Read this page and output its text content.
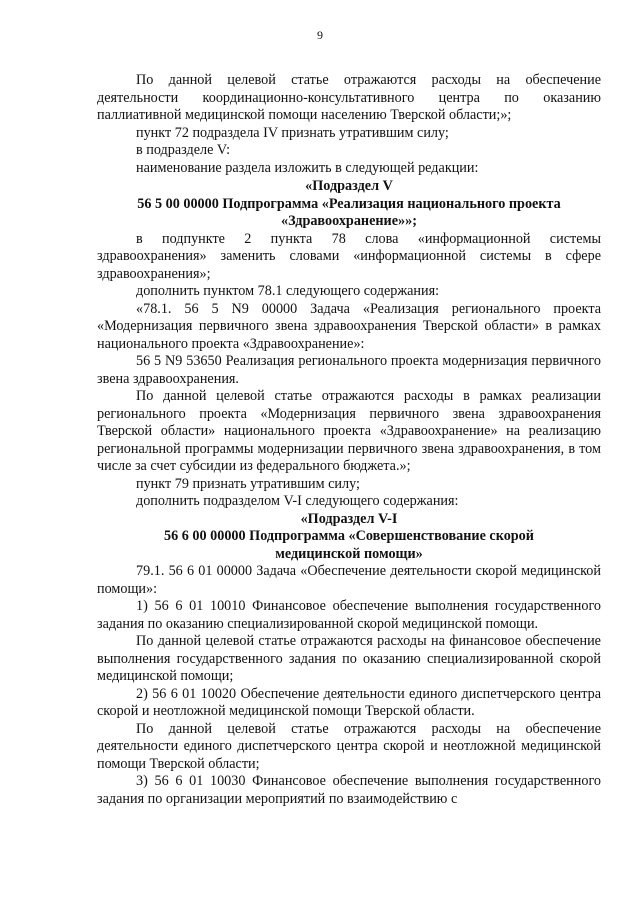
9

По данной целевой статье отражаются расходы на обеспечение деятельности координационно-консультативного центра по оказанию паллиативной медицинской помощи населению Тверской области;»;

пункт 72 подраздела IV признать утратившим силу;

в подразделе V:

наименование раздела изложить в следующей редакции:

«Подраздел V

56 5 00 00000 Подпрограмма «Реализация национального проекта

«Здравоохранение»»;

в подпункте 2 пункта 78 слова «информационной системы здравоохранения» заменить словами «информационной системы в сфере здравоохранения»;

дополнить пунктом 78.1 следующего содержания:

«78.1. 56 5 N9 00000 Задача «Реализация регионального проекта «Модернизация первичного звена здравоохранения Тверской области» в рамках национального проекта «Здравоохранение»:

56 5 N9 53650 Реализация регионального проекта модернизация первичного звена здравоохранения.

По данной целевой статье отражаются расходы в рамках реализации регионального проекта «Модернизация первичного звена здравоохранения Тверской области» национального проекта «Здравоохранение» на реализацию региональной программы модернизации первичного звена здравоохранения, в том числе за счет субсидии из федерального бюджета.»;

пункт 79 признать утратившим силу;

дополнить подразделом V-I следующего содержания:

«Подраздел V-I

56 6 00 00000 Подпрограмма «Совершенствование скорой

медицинской помощи»

79.1. 56 6 01 00000 Задача «Обеспечение деятельности скорой медицинской помощи»:

1) 56 6 01 10010 Финансовое обеспечение выполнения государственного задания по оказанию специализированной скорой медицинской помощи.

По данной целевой статье отражаются расходы на финансовое обеспечение выполнения государственного задания по оказанию специализированной скорой медицинской помощи;

2) 56 6 01 10020 Обеспечение деятельности единого диспетчерского центра скорой и неотложной медицинской помощи Тверской области.

По данной целевой статье отражаются расходы на обеспечение деятельности единого диспетчерского центра скорой и неотложной медицинской помощи Тверской области;

3) 56 6 01 10030 Финансовое обеспечение выполнения государственного задания по организации мероприятий по взаимодействию с
